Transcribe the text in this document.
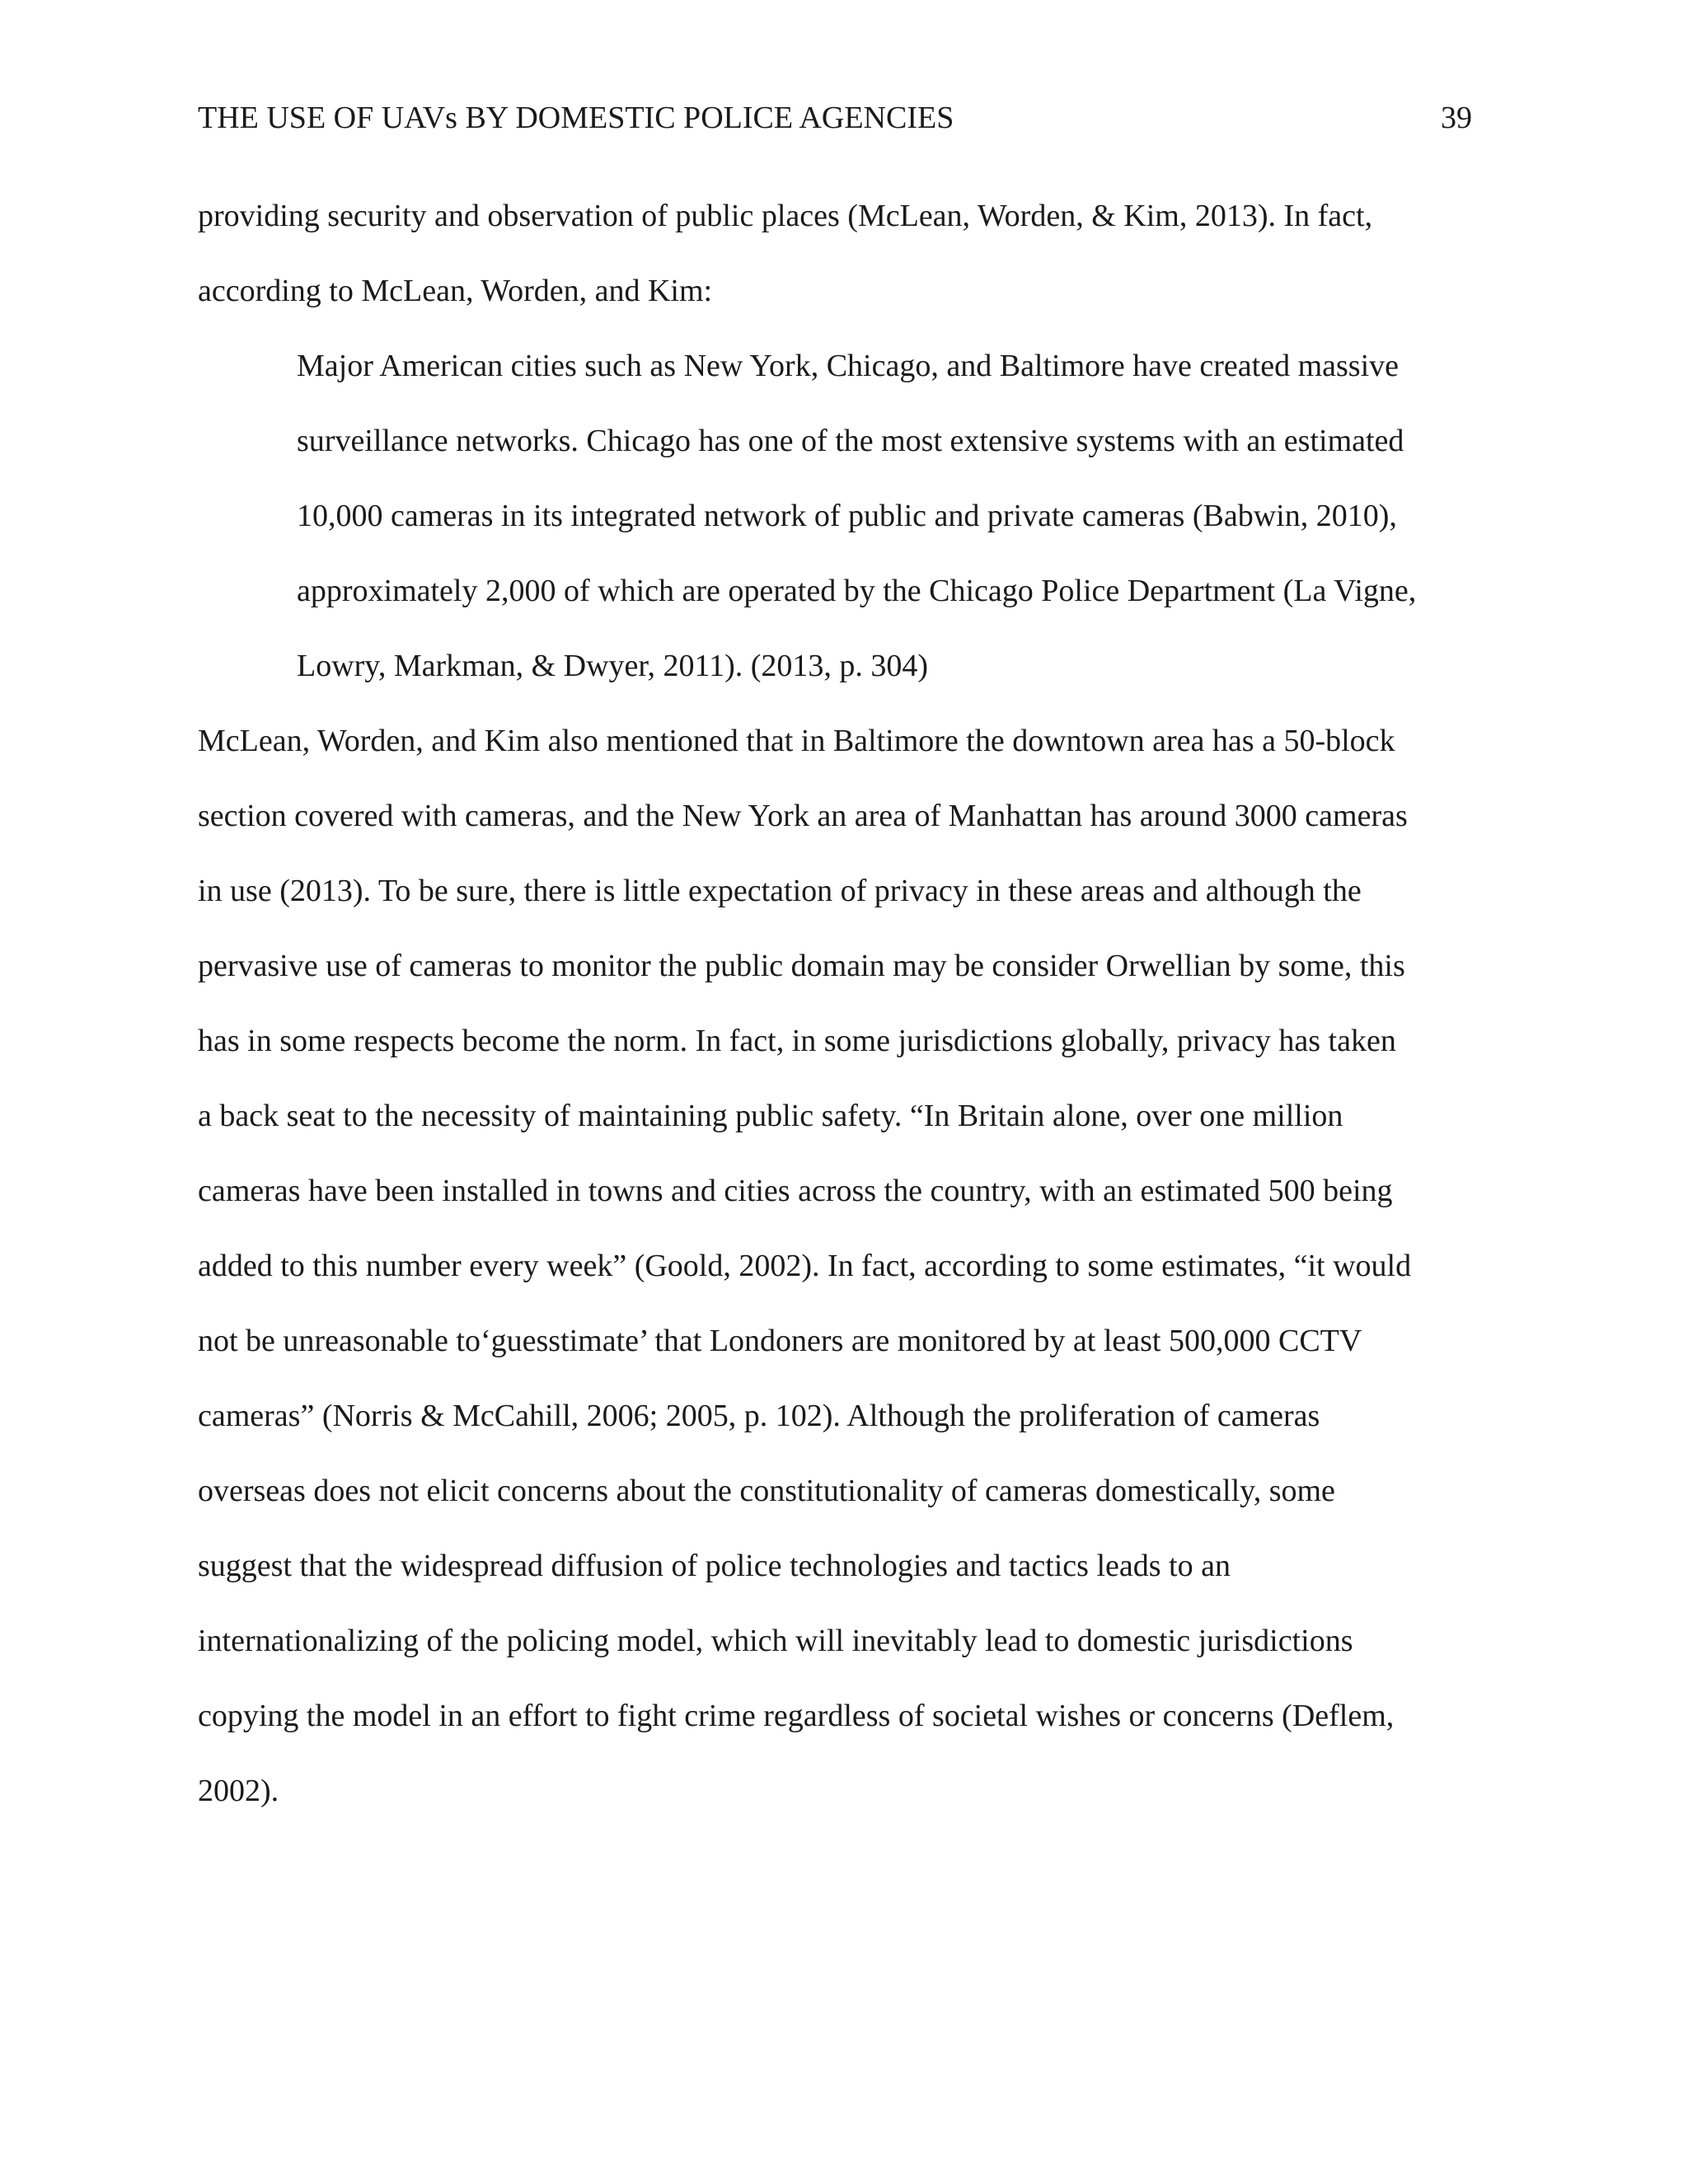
THE USE OF UAVs BY DOMESTIC POLICE AGENCIES	39
providing security and observation of public places (McLean, Worden, & Kim, 2013). In fact,
according to McLean, Worden, and Kim:
Major American cities such as New York, Chicago, and Baltimore have created massive
surveillance networks. Chicago has one of the most extensive systems with an estimated
10,000 cameras in its integrated network of public and private cameras (Babwin, 2010),
approximately 2,000 of which are operated by the Chicago Police Department (La Vigne,
Lowry, Markman, & Dwyer, 2011). (2013, p. 304)
McLean, Worden, and Kim also mentioned that in Baltimore the downtown area has a 50-block
section covered with cameras, and the New York an area of Manhattan has around 3000 cameras
in use (2013). To be sure, there is little expectation of privacy in these areas and although the
pervasive use of cameras to monitor the public domain may be consider Orwellian by some, this
has in some respects become the norm. In fact, in some jurisdictions globally, privacy has taken
a back seat to the necessity of maintaining public safety. “In Britain alone, over one million
cameras have been installed in towns and cities across the country, with an estimated 500 being
added to this number every week” (Goold, 2002). In fact, according to some estimates, “it would
not be unreasonable to‘guesstimate’ that Londoners are monitored by at least 500,000 CCTV
cameras” (Norris & McCahill, 2006; 2005, p. 102). Although the proliferation of cameras
overseas does not elicit concerns about the constitutionality of cameras domestically, some
suggest that the widespread diffusion of police technologies and tactics leads to an
internationalizing of the policing model, which will inevitably lead to domestic jurisdictions
copying the model in an effort to fight crime regardless of societal wishes or concerns (Deflem,
2002).
